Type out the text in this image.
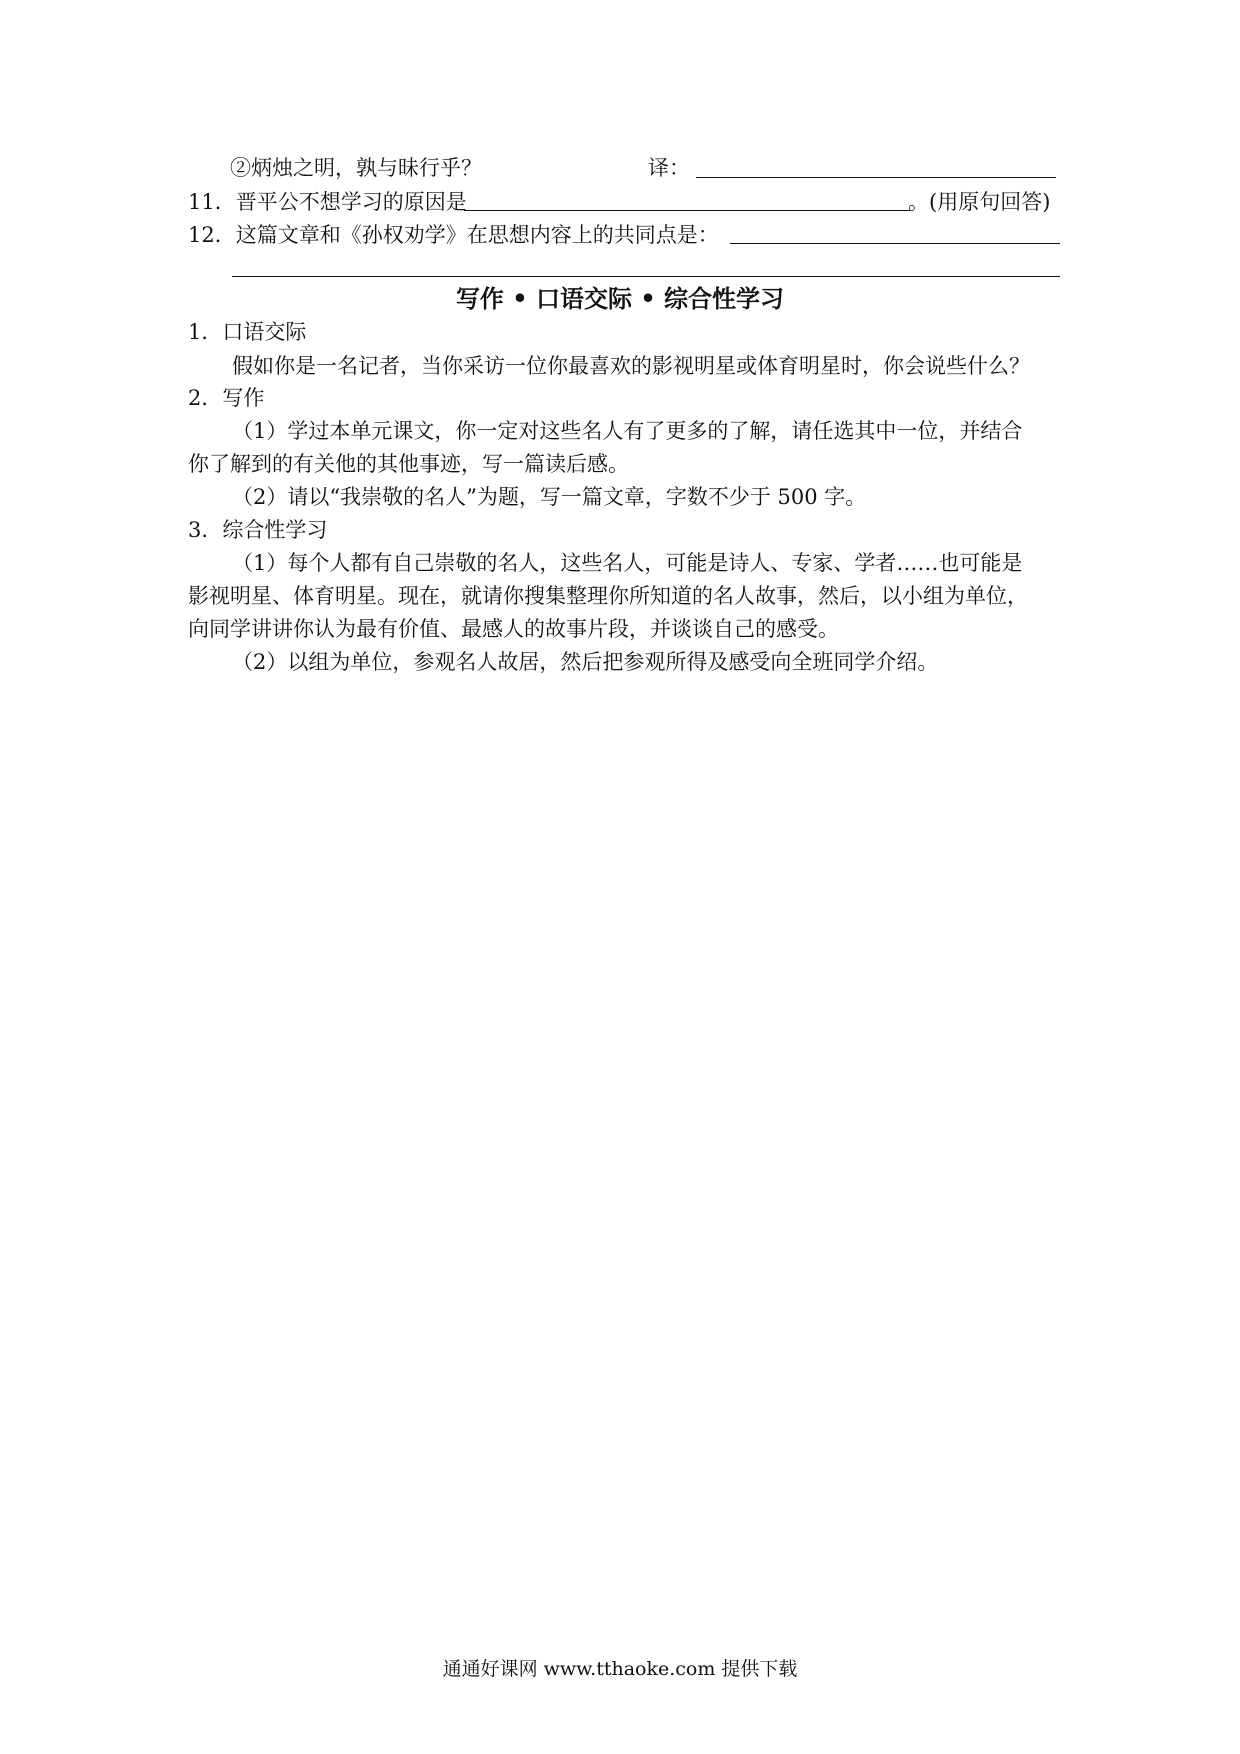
②炳烛之明，孰与昧行乎？	译：
11．晋平公不想学习的原因是	。(用原句回答)
12．这篇文章和《孙权劝学》在思想内容上的共同点是：
写作 • 口语交际 • 综合性学习
1．口语交际
假如你是一名记者，当你采访一位你最喜欢的影视明星或体育明星时，你会说些什么？
2．写作
（1）学过本单元课文，你一定对这些名人有了更多的了解，请任选其中一位，并结合
你了解到的有关他的其他事迹，写一篇读后感。
（2）请以“我崇敬的名人”为题，写一篇文章，字数不少于 500 字。
3．综合性学习
（1）每个人都有自己崇敬的名人，这些名人，可能是诗人、专家、学者……也可能是
影视明星、体育明星。现在，就请你搜集整理你所知道的名人故事，然后，以小组为单位，
向同学讲讲你认为最有价值、最感人的故事片段，并谈谈自己的感受。
（2）以组为单位，参观名人故居，然后把参观所得及感受向全班同学介绍。
通通好课网 www.tthaoke.com 提供下载
